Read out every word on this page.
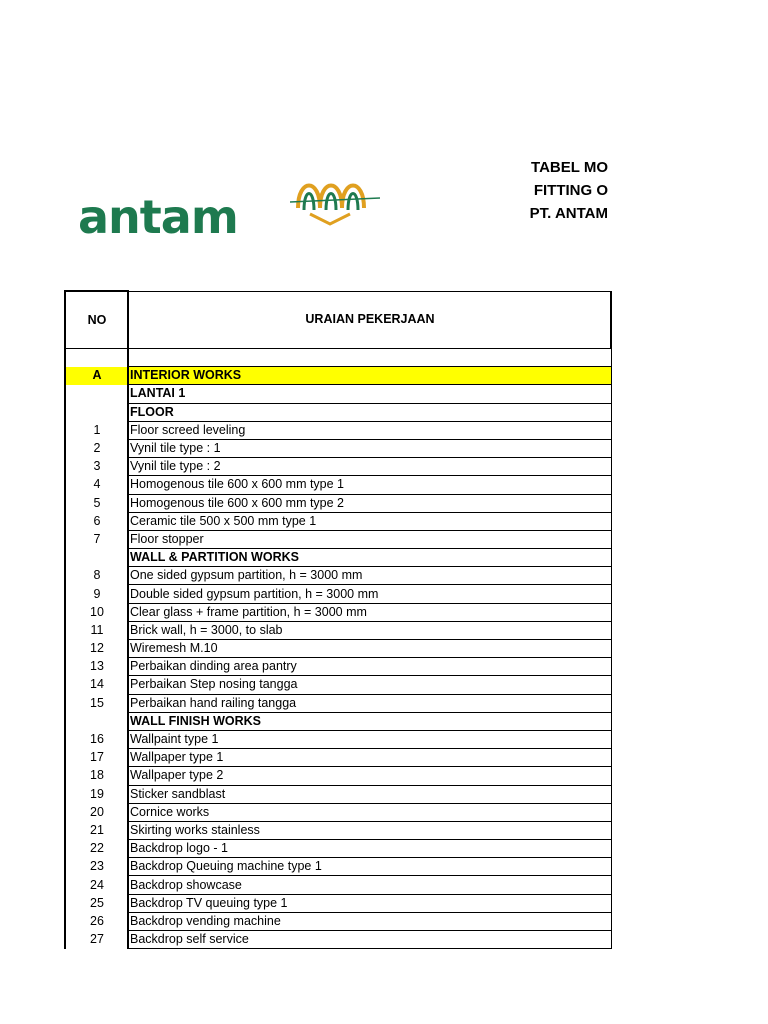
antam
TABEL MO
FITTING O
PT. ANTAM
NO	URAIAN PEKERJAAN

A	INTERIOR WORKS
	LANTAI 1
	FLOOR
1	Floor screed leveling
2	Vynil tile type : 1
3	Vynil tile type : 2
4	Homogenous tile 600 x 600 mm type 1
5	Homogenous tile 600 x 600 mm type 2
6	Ceramic tile 500 x 500 mm type 1
7	Floor stopper
	WALL & PARTITION WORKS
8	One sided gypsum partition, h = 3000 mm
9	Double sided gypsum partition, h = 3000 mm
10	Clear glass + frame partition, h = 3000 mm
11	Brick wall, h = 3000, to slab
12	Wiremesh M.10
13	Perbaikan dinding area pantry
14	Perbaikan Step nosing tangga
15	Perbaikan hand railing tangga
	WALL FINISH WORKS
16	Wallpaint type 1
17	Wallpaper type 1
18	Wallpaper type 2
19	Sticker sandblast
20	Cornice works
21	Skirting works stainless
22	Backdrop logo - 1
23	Backdrop Queuing machine type 1
24	Backdrop showcase
25	Backdrop TV queuing type 1
26	Backdrop vending machine
27	Backdrop self service
